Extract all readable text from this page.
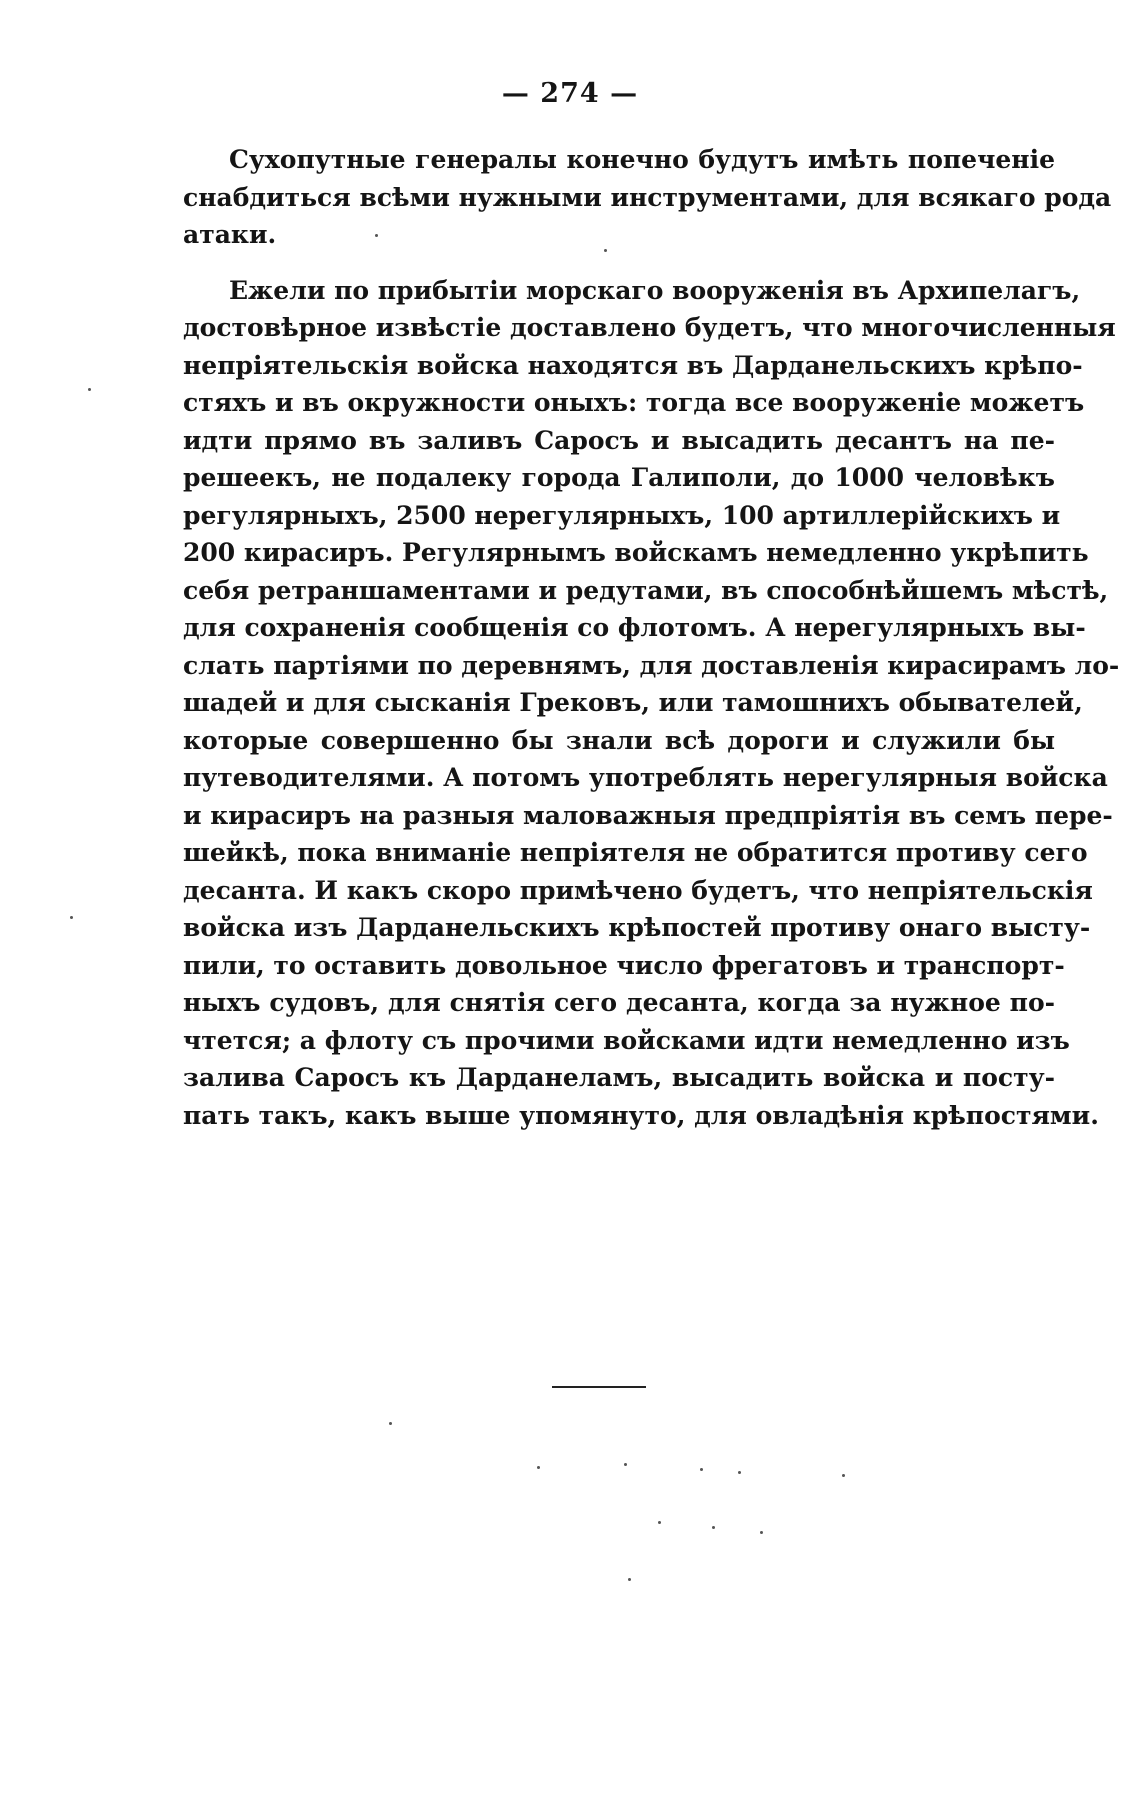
— 274 —
Сухопутные генералы конечно будутъ имѣть попеченіе
снабдиться всѣми нужными инструментами, для всякаго рода
атаки.
Ежели по прибытіи морскаго вооруженія въ Архипелагъ,
достовѣрное извѣстіе доставлено будетъ, что многочисленныя
непріятельскія войска находятся въ Дарданельскихъ крѣпо-
стяхъ и въ окружности оныхъ: тогда все вооруженіе можетъ
идти прямо въ заливъ Саросъ и высадить десантъ на пе-
решеекъ, не подалеку города Галиполи, до 1000 человѣкъ
регулярныхъ, 2500 нерегулярныхъ, 100 артиллерійскихъ и
200 кирасиръ. Регулярнымъ войскамъ немедленно укрѣпить
себя ретраншаментами и редутами, въ способнѣйшемъ мѣстѣ,
для сохраненія сообщенія со флотомъ. А нерегулярныхъ вы-
слать партіями по деревнямъ, для доставленія кирасирамъ ло-
шадей и для сысканія Грековъ, или тамошнихъ обывателей,
которые совершенно бы знали всѣ дороги и служили бы
путеводителями. А потомъ употреблять нерегулярныя войска
и кирасиръ на разныя маловажныя предпріятія въ семъ пере-
шейкѣ, пока вниманіе непріятеля не обратится противу сего
десанта. И какъ скоро примѣчено будетъ, что непріятельскія
войска изъ Дарданельскихъ крѣпостей противу онаго высту-
пили, то оставить довольное число фрегатовъ и транспорт-
ныхъ судовъ, для снятія сего десанта, когда за нужное по-
чтется; а флоту съ прочими войсками идти немедленно изъ
залива Саросъ къ Дарданеламъ, высадить войска и посту-
пать такъ, какъ выше упомянуто, для овладѣнія крѣпостями.
